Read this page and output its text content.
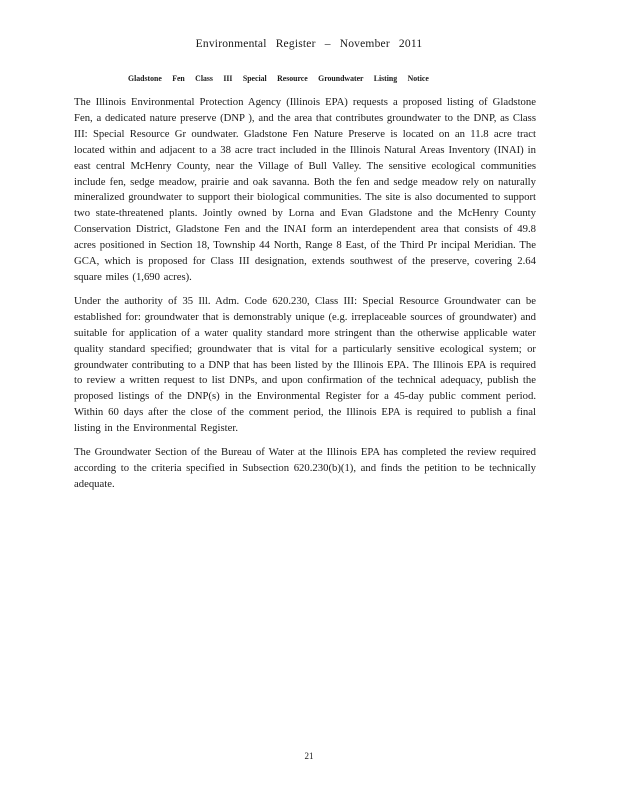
Environmental Register – November 2011
Gladstone Fen Class III Special Resource Groundwater Listing Notice

The Illinois Environmental Protection Agency (Illinois EPA) requests a proposed listing of Gladstone Fen, a dedicated nature preserve (DNP ), and the area that contributes groundwater to the DNP, as Class III: Special Resource Gr oundwater. Gladstone Fen Nature Preserve is located on an 11.8 acre tract located within and adjacent to a 38 acre tract included in the Illinois Natural Areas Inventory (INAI) in east central McHenry County, near the Village of Bull Valley. The sensitive ecological communities include fen, sedge meadow, prairie and oak savanna. Both the fen and sedge meadow rely on naturally mineralized groundwater to support their biological communities. The site is also documented to support two state-threatened plants. Jointly owned by Lorna and Evan Gladstone and the McHenry County Conservation District, Gladstone Fen and the INAI form an interdependent area that consists of 49.8 acres positioned in Section 18, Township 44 North, Range 8 East, of the Third Pr incipal Meridian. The GCA, which is proposed for Class III designation, extends southwest of the preserve, covering 2.64 square miles (1,690 acres).

Under the authority of 35 Ill. Adm. Code 620.230, Class III: Special Resource Groundwater can be established for: groundwater that is demonstrably unique (e.g. irreplaceable sources of groundwater) and suitable for application of a water quality standard more stringent than the otherwise applicable water quality standard specified; groundwater that is vital for a particularly sensitive ecological system; or groundwater contributing to a DNP that has been listed by the Illinois EPA. The Illinois EPA is required to review a written request to list DNPs, and upon confirmation of the technical adequacy, publish the proposed listings of the DNP(s) in the Environmental Register for a 45-day public comment period. Within 60 days after the close of the comment period, the Illinois EPA is required to publish a final listing in the Environmental Register.

The Groundwater Section of the Bureau of Water at the Illinois EPA has completed the review required according to the criteria specified in Subsection 620.230(b)(1), and finds the petition to be technically adequate.

21
